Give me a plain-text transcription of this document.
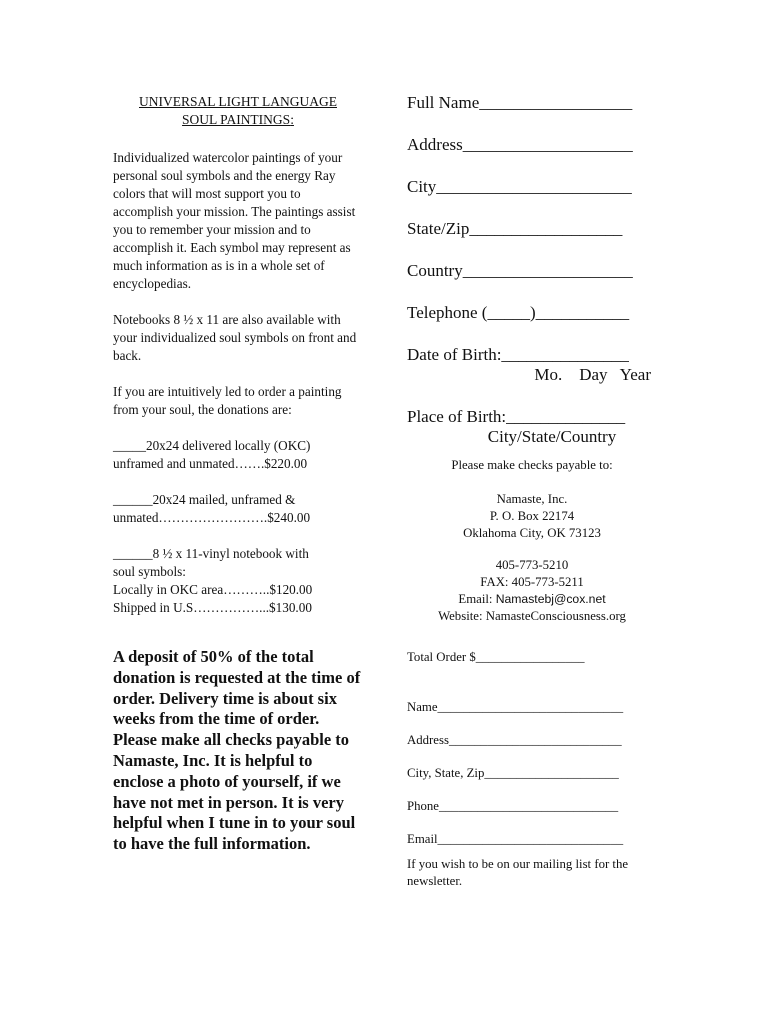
UNIVERSAL LIGHT LANGUAGE
SOUL PAINTINGS:

Individualized watercolor paintings of your personal soul symbols and the energy Ray colors that will most support you to accomplish your mission. The paintings assist you to remember your mission and to accomplish it. Each symbol may represent as much information as is in a whole set of encyclopedias.

Notebooks 8 ½ x 11 are also available with your individualized soul symbols on front and back.

If you are intuitively led to order a painting from your soul, the donations are:

_____20x24 delivered locally (OKC)
unframed and unmated…….$220.00
______20x24 mailed, unframed &
unmated…………………….$240.00
______8 ½ x 11-vinyl notebook with
soul symbols:
Locally in OKC area………..$120.00
Shipped in U.S……………...$130.00

A deposit of 50% of the total donation is requested at the time of order. Delivery time is about six weeks from the time of order. Please make all checks payable to Namaste, Inc. It is helpful to enclose a photo of yourself, if we have not met in person. It is very helpful when I tune in to your soul to have the full information.

Full Name__________________
Address____________________
City_______________________
State/Zip__________________
Country____________________
Telephone (_____)___________
Date of Birth:_______________
Mo.    Day   Year
Place of Birth:______________
City/State/Country
Please make checks payable to:
Namaste, Inc.
P. O. Box 22174
Oklahoma City, OK 73123
405-773-5210
FAX: 405-773-5211
Email: Namastebj@cox.net
Website: NamasteConsciousness.org
Total Order $_________________
Name_____________________________
Address___________________________
City, State, Zip_____________________
Phone____________________________
Email_____________________________
If you wish to be on our mailing list for the newsletter.
